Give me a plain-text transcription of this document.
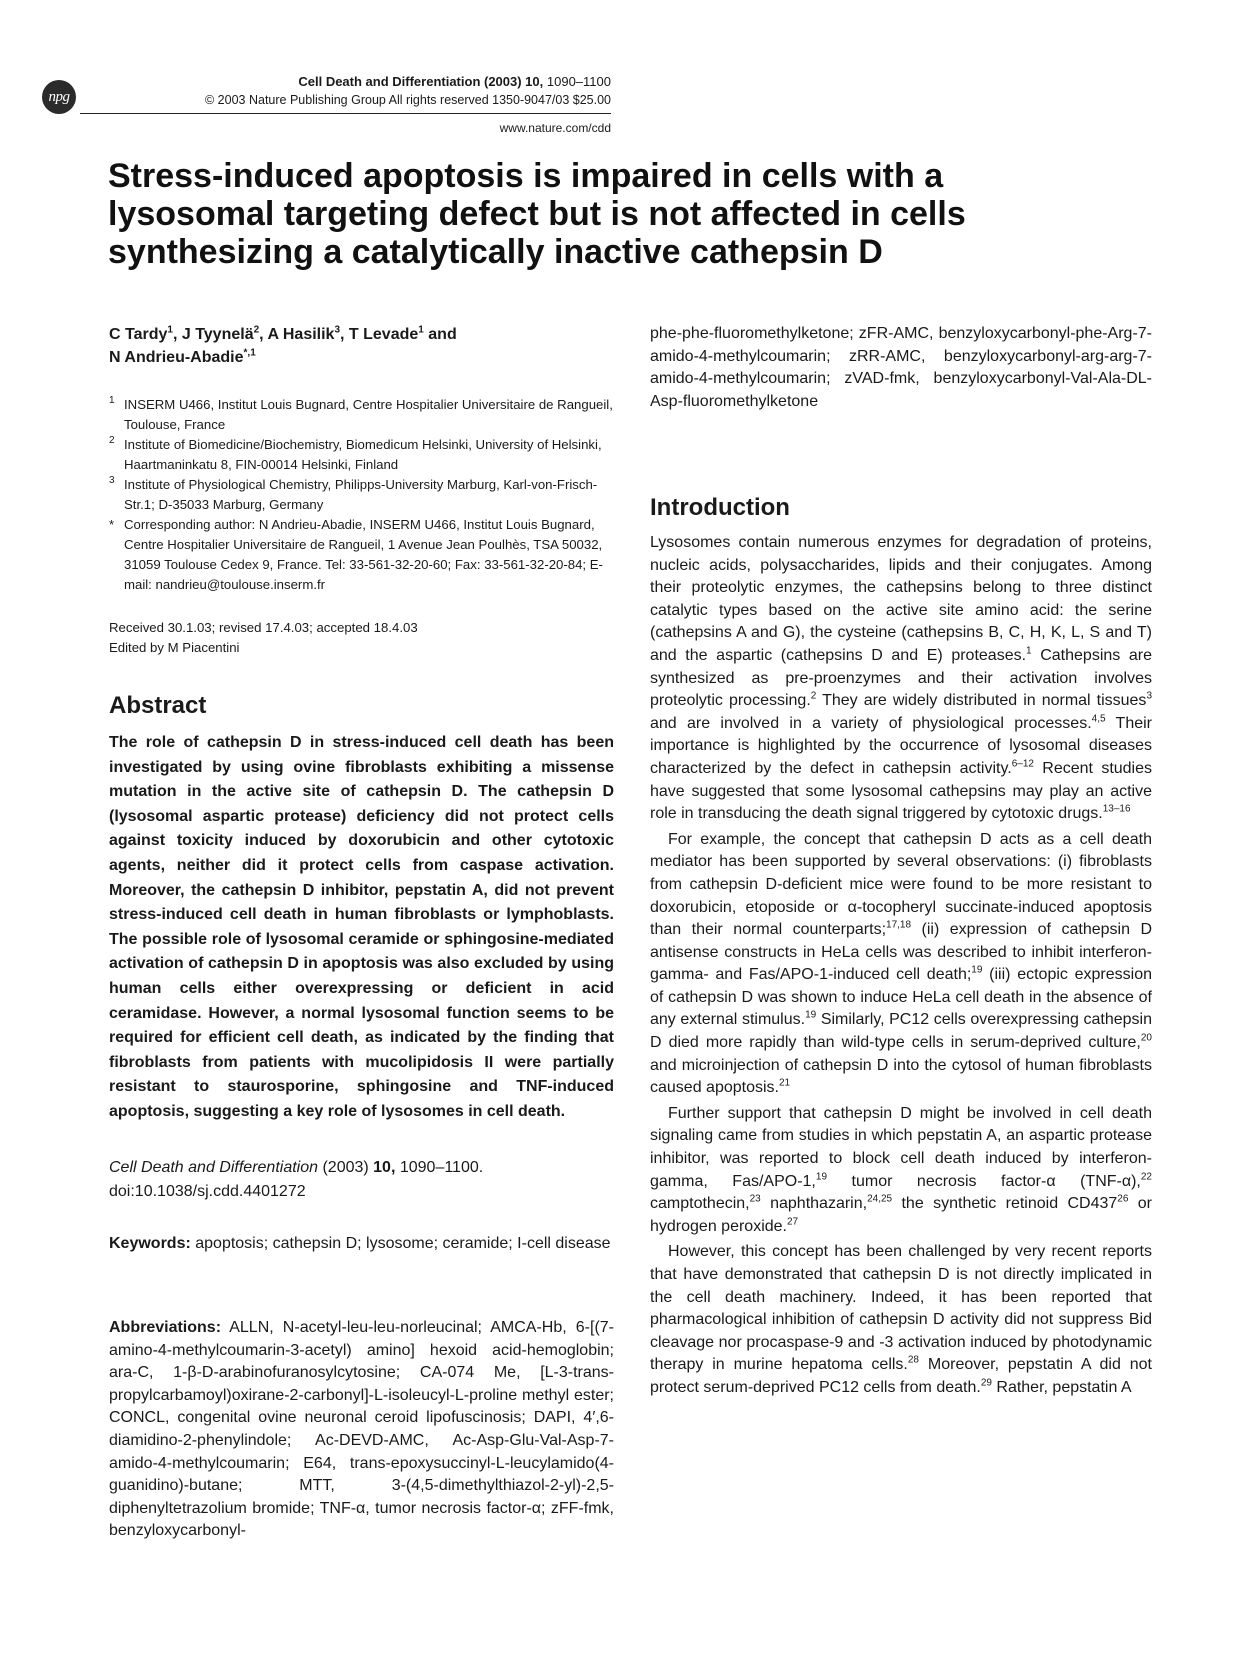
npg
Cell Death and Differentiation (2003) 10, 1090–1100
© 2003 Nature Publishing Group All rights reserved 1350-9047/03 $25.00
www.nature.com/cdd
Stress-induced apoptosis is impaired in cells with a
lysosomal targeting defect but is not affected in cells
synthesizing a catalytically inactive cathepsin D
C Tardy$^1$, J Tyynelä$^2$, A Hasilik$^3$, T Levade$^1$ and
N Andrieu-Abadie$^{*,1}$
1 INSERM U466, Institut Louis Bugnard, Centre Hospitalier Universitaire de Rangueil, Toulouse, France
2 Institute of Biomedicine/Biochemistry, Biomedicum Helsinki, University of Helsinki, Haartmaninkatu 8, FIN-00014 Helsinki, Finland
3 Institute of Physiological Chemistry, Philipps-University Marburg, Karl-von-Frisch-Str.1; D-35033 Marburg, Germany
* Corresponding author: N Andrieu-Abadie, INSERM U466, Institut Louis Bugnard, Centre Hospitalier Universitaire de Rangueil, 1 Avenue Jean Poulhès, TSA 50032, 31059 Toulouse Cedex 9, France. Tel: 33-561-32-20-60; Fax: 33-561-32-20-84; E-mail: nandrieu@toulouse.inserm.fr
Received 30.1.03; revised 17.4.03; accepted 18.4.03
Edited by M Piacentini
Abstract
The role of cathepsin D in stress-induced cell death has been investigated by using ovine fibroblasts exhibiting a missense mutation in the active site of cathepsin D. The cathepsin D (lysosomal aspartic protease) deficiency did not protect cells against toxicity induced by doxorubicin and other cytotoxic agents, neither did it protect cells from caspase activation. Moreover, the cathepsin D inhibitor, pepstatin A, did not prevent stress-induced cell death in human fibroblasts or lymphoblasts. The possible role of lysosomal ceramide or sphingosine-mediated activation of cathepsin D in apoptosis was also excluded by using human cells either overexpressing or deficient in acid ceramidase. However, a normal lysosomal function seems to be required for efficient cell death, as indicated by the finding that fibroblasts from patients with mucolipidosis II were partially resistant to staurosporine, sphingosine and TNF-induced apoptosis, suggesting a key role of lysosomes in cell death.
Cell Death and Differentiation (2003) 10, 1090–1100. doi:10.1038/sj.cdd.4401272
Keywords: apoptosis; cathepsin D; lysosome; ceramide; I-cell disease
Abbreviations: ALLN, N-acetyl-leu-leu-norleucinal; AMCA-Hb, 6-[(7-amino-4-methylcoumarin-3-acetyl) amino] hexoid acid-hemoglobin; ara-C, 1-β-D-arabinofuranosylcytosine; CA-074 Me, [L-3-trans-propylcarbamoyl)oxirane-2-carbonyl]-L-isoleucyl-L-proline methyl ester; CONCL, congenital ovine neuronal ceroid lipofuscinosis; DAPI, 4′,6-diamidino-2-phenylindole; Ac-DEVD-AMC, Ac-Asp-Glu-Val-Asp-7-amido-4-methylcoumarin; E64, trans-epoxysuccinyl-L-leucylamido(4-guanidino)-butane; MTT, 3-(4,5-dimethylthiazol-2-yl)-2,5-diphenyltetrazolium bromide; TNF-α, tumor necrosis factor-α; zFF-fmk, benzyloxycarbonyl-
phe-phe-fluoromethylketone; zFR-AMC, benzyloxycarbonyl-phe-Arg-7-amido-4-methylcoumarin; zRR-AMC, benzyloxycarbonyl-arg-arg-7-amido-4-methylcoumarin; zVAD-fmk, benzyloxycarbonyl-Val-Ala-DL-Asp-fluoromethylketone
Introduction

Lysosomes contain numerous enzymes for degradation of proteins, nucleic acids, polysaccharides, lipids and their conjugates. Among their proteolytic enzymes, the cathepsins belong to three distinct catalytic types based on the active site amino acid: the serine (cathepsins A and G), the cysteine (cathepsins B, C, H, K, L, S and T) and the aspartic (cathepsins D and E) proteases.$^1$ Cathepsins are synthesized as pre-proenzymes and their activation involves proteolytic processing.$^2$ They are widely distributed in normal tissues$^3$ and are involved in a variety of physiological processes.$^{4,5}$ Their importance is highlighted by the occurrence of lysosomal diseases characterized by the defect in cathepsin activity.$^{6-12}$ Recent studies have suggested that some lysosomal cathepsins may play an active role in transducing the death signal triggered by cytotoxic drugs.$^{13-16}$

For example, the concept that cathepsin D acts as a cell death mediator has been supported by several observations: (i) fibroblasts from cathepsin D-deficient mice were found to be more resistant to doxorubicin, etoposide or α-tocopheryl succinate-induced apoptosis than their normal counterparts;$^{17,18}$ (ii) expression of cathepsin D antisense constructs in HeLa cells was described to inhibit interferon-gamma- and Fas/APO-1-induced cell death;$^{19}$ (iii) ectopic expression of cathepsin D was shown to induce HeLa cell death in the absence of any external stimulus.$^{19}$ Similarly, PC12 cells overexpressing cathepsin D died more rapidly than wild-type cells in serum-deprived culture,$^{20}$ and microinjection of cathepsin D into the cytosol of human fibroblasts caused apoptosis.$^{21}$

Further support that cathepsin D might be involved in cell death signaling came from studies in which pepstatin A, an aspartic protease inhibitor, was reported to block cell death induced by interferon-gamma, Fas/APO-1,19 tumor necrosis factor-α (TNF-α),$^{22}$ camptothecin,$^{23}$ naphthazarin,$^{24,25}$ the synthetic retinoid $CD437^{26}$ or hydrogen peroxide.$^{27}$

However, this concept has been challenged by very recent reports that have demonstrated that cathepsin D is not directly implicated in the cell death machinery. Indeed, it has been reported that pharmacological inhibition of cathepsin D activity did not suppress Bid cleavage nor procaspase-9 and -3 activation induced by photodynamic therapy in murine hepatoma cells.$^{28}$ Moreover, pepstatin A did not protect serum-deprived PC12 cells from death.$^{29}$ Rather, pepstatin A
